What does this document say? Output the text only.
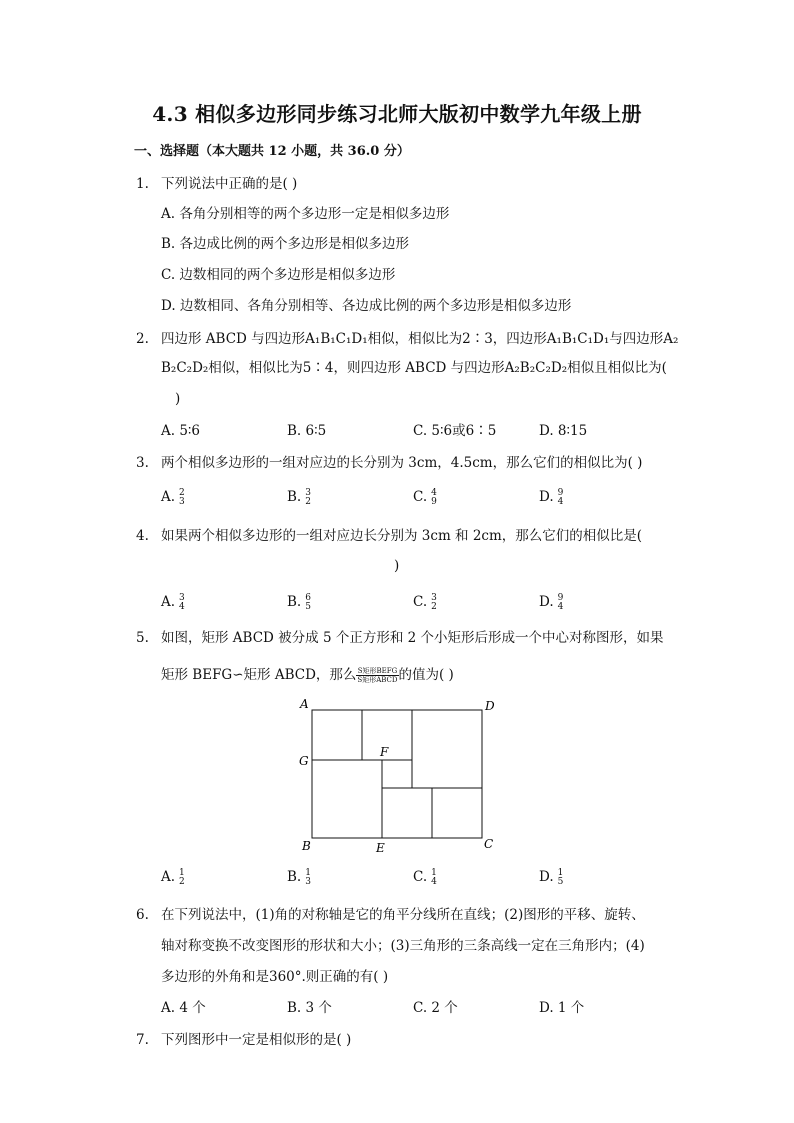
4.3 相似多边形同步练习北师大版初中数学九年级上册
一、选择题（本大题共 12 小题，共 36.0 分）
1. 下列说法中正确的是( )
A. 各角分别相等的两个多边形一定是相似多边形
B. 各边成比例的两个多边形是相似多边形
C. 边数相同的两个多边形是相似多边形
D. 边数相同、各角分别相等、各边成比例的两个多边形是相似多边形
2. 四边形 ABCD 与四边形A₁B₁C₁D₁相似，相似比为2∶3，四边形A₁B₁C₁D₁与四边形A₂
B₂C₂D₂相似，相似比为5∶4，则四边形 ABCD 与四边形A₂B₂C₂D₂相似且相似比为(
)
A. 5∶6	B. 6∶5	C. 5∶6或6∶5	D. 8∶15
3. 两个相似多边形的一组对应边的长分别为 3cm，4.5cm，那么它们的相似比为( )
A. 2
3	B. 3
2	C. 4
9	D. 9
4
4. 如果两个相似多边形的一组对应边长分别为 3cm 和 2cm，那么它们的相似比是(
)
A. 3
4	B. 6
5	C. 3
2	D. 9
4
5. 如图，矩形 ABCD 被分成 5 个正方形和 2 个小矩形后形成一个中心对称图形，如果
矩形 BEFG∽矩形 ABCD，那么 $\frac{\text{S矩形BEFG}}{\text{S矩形ABCD}}$ 的值为( )
A	D
G
F
B	E	C
A. 1
2	B. 1
3	C. 1
4	D. 1
5
6. 在下列说法中，(1)角的对称轴是它的角平分线所在直线；(2)图形的平移、旋转、
轴对称变换不改变图形的形状和大小；(3)三角形的三条高线一定在三角形内；(4)
多边形的外角和是360°.则正确的有( )
A. 4 个	B. 3 个	C. 2 个	D. 1 个
7. 下列图形中一定是相似形的是( )
